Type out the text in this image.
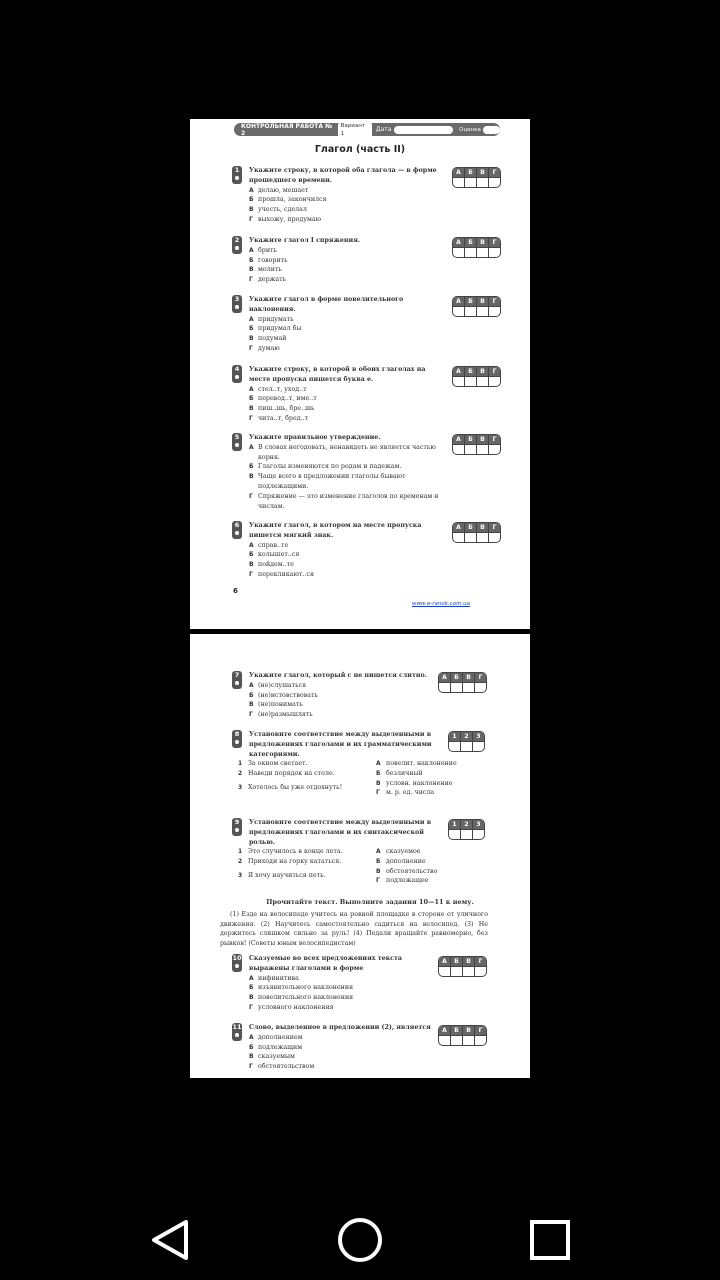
КОНТРОЛЬНАЯ РАБОТА № 2
Вариант 1
Дата	Оценка
Глагол (часть II)
1	Укажите строку, в которой оба глагола — в форме прошедшего времени.
А делаю, мешает
Б прошла, закончился
В учесть, сделал
Г выхожу, продумаю
А	Б	В	Г
2	Укажите глагол I спряжения.
А брить
Б говорить
В молить
Г держать
А	Б	В	Г
3	Укажите глагол в форме повелительного наклонения.
А придумать
Б придумал бы
В подумай
Г думаю
А	Б	В	Г
4	Укажите строку, в которой в обоих глаголах на месте пропуска пишется буква е.
А стел..т, уход..т
Б перевод..т, име..т
В пиш..шь, бре..шь
Г чита..т, брод..т
А	Б	В	Г
5	Укажите правильное утверждение.
А В словах негодовать, ненавидеть не является частью корня.
Б Глаголы изменяются по родам и падежам.
В Чаще всего в предложении глаголы бывают подлежащими.
Г Спряжение — это изменение глаголов по временам и числам.
А	Б	В	Г
6	Укажите глагол, в котором на месте пропуска пишется мягкий знак.
А справ..те
Б колышет..ся
В пойдем..те
Г перекликают..ся
А	Б	В	Г
6
www.e-ranok.com.ua
7	Укажите глагол, который с не пишется слитно.
А (не)слушаться
Б (не)истовствовать
В (не)понимать
Г (не)размышлять
А	Б	В	Г
8	Установите соответствие между выделенными в предложениях глаголами и их грамматическими категориями.
1	2	3
1 За окном светает.
2 Наведи порядок на столе.
3 Хотелось бы уже отдохнуть!
А повелит. наклонение
Б безличный
В условн. наклонение
Г м. р. ед. числа
9	Установите соответствие между выделенными в предложениях глаголами и их синтаксической ролью.
1	2	3
1 Это случилось в конце лета.
2 Приходи на горку кататься.
3 Я хочу научиться петь.
А сказуемое
Б дополнение
В обстоятельство
Г подлежащее
Прочитайте текст. Выполните задания 10—11 к нему.
(1) Езде на велосипеде учитесь на ровной площадке в стороне от уличного движения. (2) Научитесь самостоятельно садиться на велосипед. (3) Не держитесь слишком сильно за руль! (4) Педали вращайте равномерно, без рывков! (Советы юным велосипедистам)
10 Сказуемые во всех предложениях текста выражены глаголами в форме
А инфинитива
Б изъявительного наклонения
В повелительного наклонения
Г условного наклонения
А	Б	В	Г
11 Слово, выделенное в предложении (2), является
А дополнением
Б подлежащим
В сказуемым
Г обстоятельством
А	Б	В	Г
